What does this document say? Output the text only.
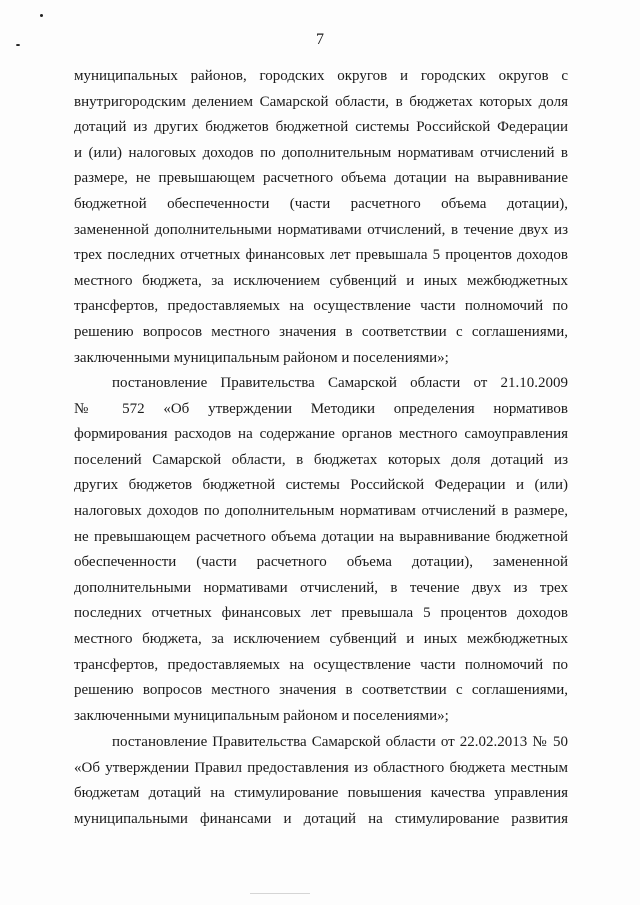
7
муниципальных районов, городских округов и городских округов с
внутригородским делением Самарской области, в бюджетах которых доля
дотаций из других бюджетов бюджетной системы Российской Федерации
и (или) налоговых доходов по дополнительным нормативам отчислений в
размере, не превышающем расчетного объема дотации на выравнивание
бюджетной обеспеченности (части расчетного объема дотации),
замененной дополнительными нормативами отчислений, в течение двух из
трех последних отчетных финансовых лет превышала 5 процентов доходов
местного бюджета, за исключением субвенций и иных межбюджетных
трансфертов, предоставляемых на осуществление части полномочий по
решению вопросов местного значения в соответствии с соглашениями,
заключенными муниципальным районом и поселениями»;
постановление Правительства Самарской области от 21.10.2009
№ 572 «Об утверждении Методики определения нормативов
формирования расходов на содержание органов местного самоуправления
поселений Самарской области, в бюджетах которых доля дотаций из
других бюджетов бюджетной системы Российской Федерации и (или)
налоговых доходов по дополнительным нормативам отчислений в размере,
не превышающем расчетного объема дотации на выравнивание бюджетной
обеспеченности (части расчетного объема дотации), замененной
дополнительными нормативами отчислений, в течение двух из трех
последних отчетных финансовых лет превышала 5 процентов доходов
местного бюджета, за исключением субвенций и иных межбюджетных
трансфертов, предоставляемых на осуществление части полномочий по
решению вопросов местного значения в соответствии с соглашениями,
заключенными муниципальным районом и поселениями»;
постановление Правительства Самарской области от 22.02.2013 № 50
«Об утверждении Правил предоставления из областного бюджета местным
бюджетам дотаций на стимулирование повышения качества управления
муниципальными финансами и дотаций на стимулирование развития
